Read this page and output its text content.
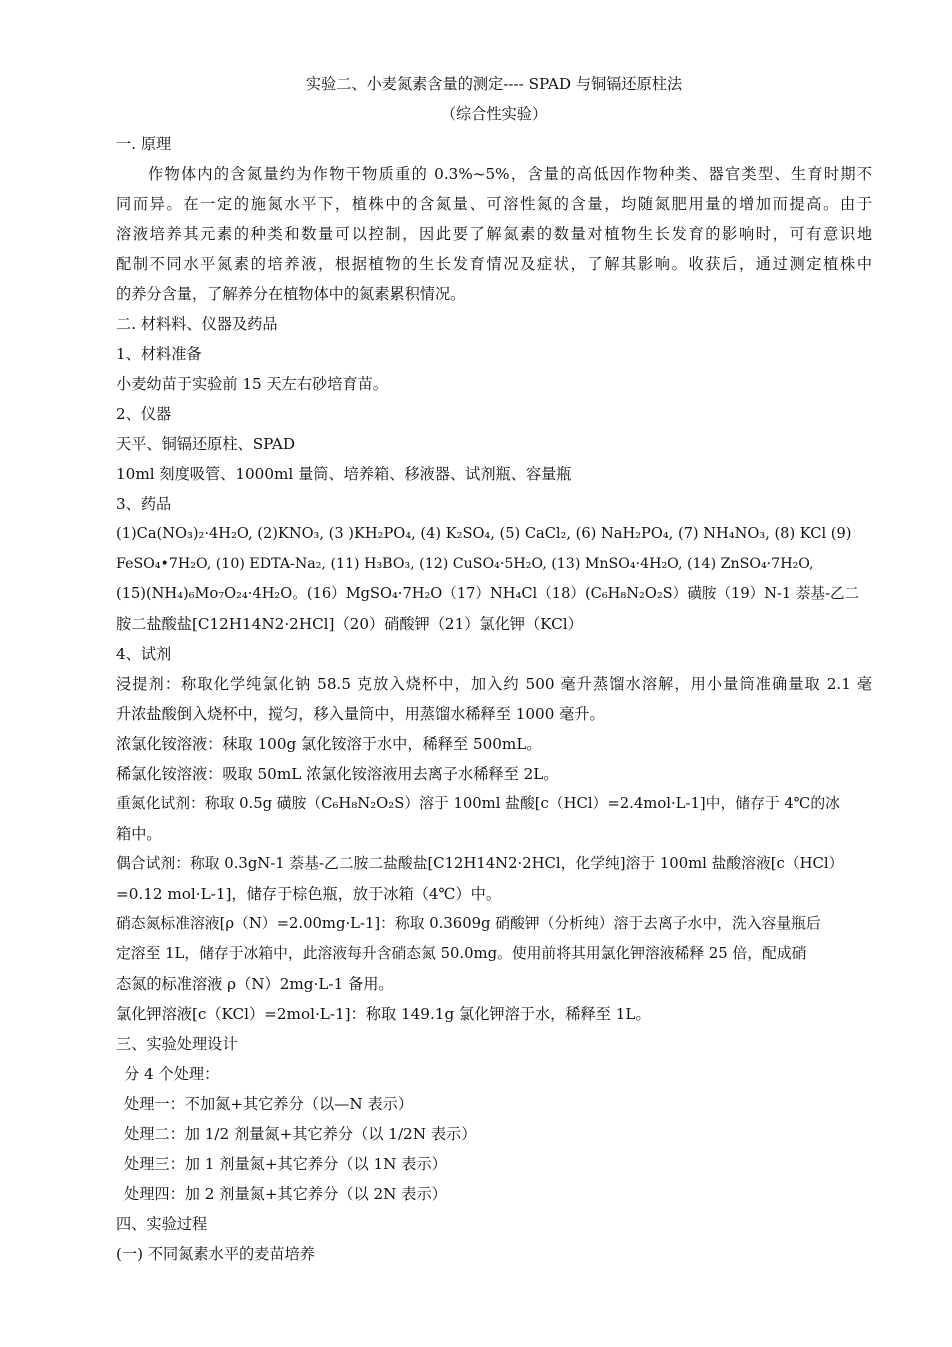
实验二、小麦氮素含量的测定---- SPAD 与铜镉还原柱法
（综合性实验）
一. 原理
作物体内的含氮量约为作物干物质重的 0.3%~5%，含量的高低因作物种类、器官类型、生育时期不
同而异。在一定的施氮水平下，植株中的含氮量、可溶性氮的含量，均随氮肥用量的增加而提高。由于
溶液培养其元素的种类和数量可以控制，因此要了解氮素的数量对植物生长发育的影响时，可有意识地
配制不同水平氮素的培养液，根据植物的生长发育情况及症状，了解其影响。收获后，通过测定植株中
的养分含量，了解养分在植物体中的氮素累积情况。
二. 材料料、仪器及药品
1、材料准备
小麦幼苗于实验前 15 天左右砂培育苗。
2、仪器
天平、铜镉还原柱、SPAD
10ml 刻度吸管、1000ml 量筒、培养箱、移液器、试剂瓶、容量瓶
3、药品
(1)Ca(NO₃)₂·4H₂O, (2)KNO₃, (3 )KH₂PO₄, (4) K₂SO₄, (5) CaCl₂, (6) NaH₂PO₄, (7) NH₄NO₃, (8) KCl (9)
FeSO₄•7H₂O, (10) EDTA-Na₂, (11) H₃BO₃, (12) CuSO₄·5H₂O, (13) MnSO₄·4H₂O, (14) ZnSO₄·7H₂O,
(15)(NH₄)₆Mo₇O₂₄·4H₂O。(16）MgSO₄·7H₂O（17）NH₄Cl（18）(C₆H₈N₂O₂S）磺胺（19）N-1 萘基-乙二
胺二盐酸盐[C12H14N2·2HCl]（20）硝酸钾（21）氯化钾（KCl）
4、试剂
浸提剂：称取化学纯氯化钠 58.5 克放入烧杯中，加入约 500 毫升蒸馏水溶解，用小量筒准确量取 2.1 毫
升浓盐酸倒入烧杯中，搅匀，移入量筒中，用蒸馏水稀释至 1000 毫升。
浓氯化铵溶液：秣取 100g 氯化铵溶于水中，稀释至 500mL。
稀氯化铵溶液：吸取 50mL 浓氯化铵溶液用去离子水稀释至 2L。
重氮化试剂：称取 0.5g 磺胺（C₆H₈N₂O₂S）溶于 100ml 盐酸[c（HCl）=2.4mol·L-1]中，储存于 4℃的冰
箱中。
偶合试剂：称取 0.3gN-1 萘基-乙二胺二盐酸盐[C12H14N2·2HCl，化学纯]溶于 100ml 盐酸溶液[c（HCl）
=0.12 mol·L-1]，储存于棕色瓶，放于冰箱（4℃）中。
硝态氮标准溶液[ρ（N）=2.00mg·L-1]：称取 0.3609g 硝酸钾（分析纯）溶于去离子水中，洗入容量瓶后
定溶至 1L，储存于冰箱中，此溶液每升含硝态氮 50.0mg。使用前将其用氯化钾溶液稀释 25 倍，配成硝
态氮的标准溶液 ρ（N）2mg·L-1 备用。
氯化钾溶液[c（KCl）=2mol·L-1]：称取 149.1g 氯化钾溶于水，稀释至 1L。
三、实验处理设计
分 4 个处理：
处理一：不加氮+其它养分（以—N 表示）
处理二：加 1/2 剂量氮+其它养分（以 1/2N 表示）
处理三：加 1 剂量氮+其它养分（以 1N 表示）
处理四：加 2 剂量氮+其它养分（以 2N 表示）
四、实验过程
(一) 不同氮素水平的麦苗培养
